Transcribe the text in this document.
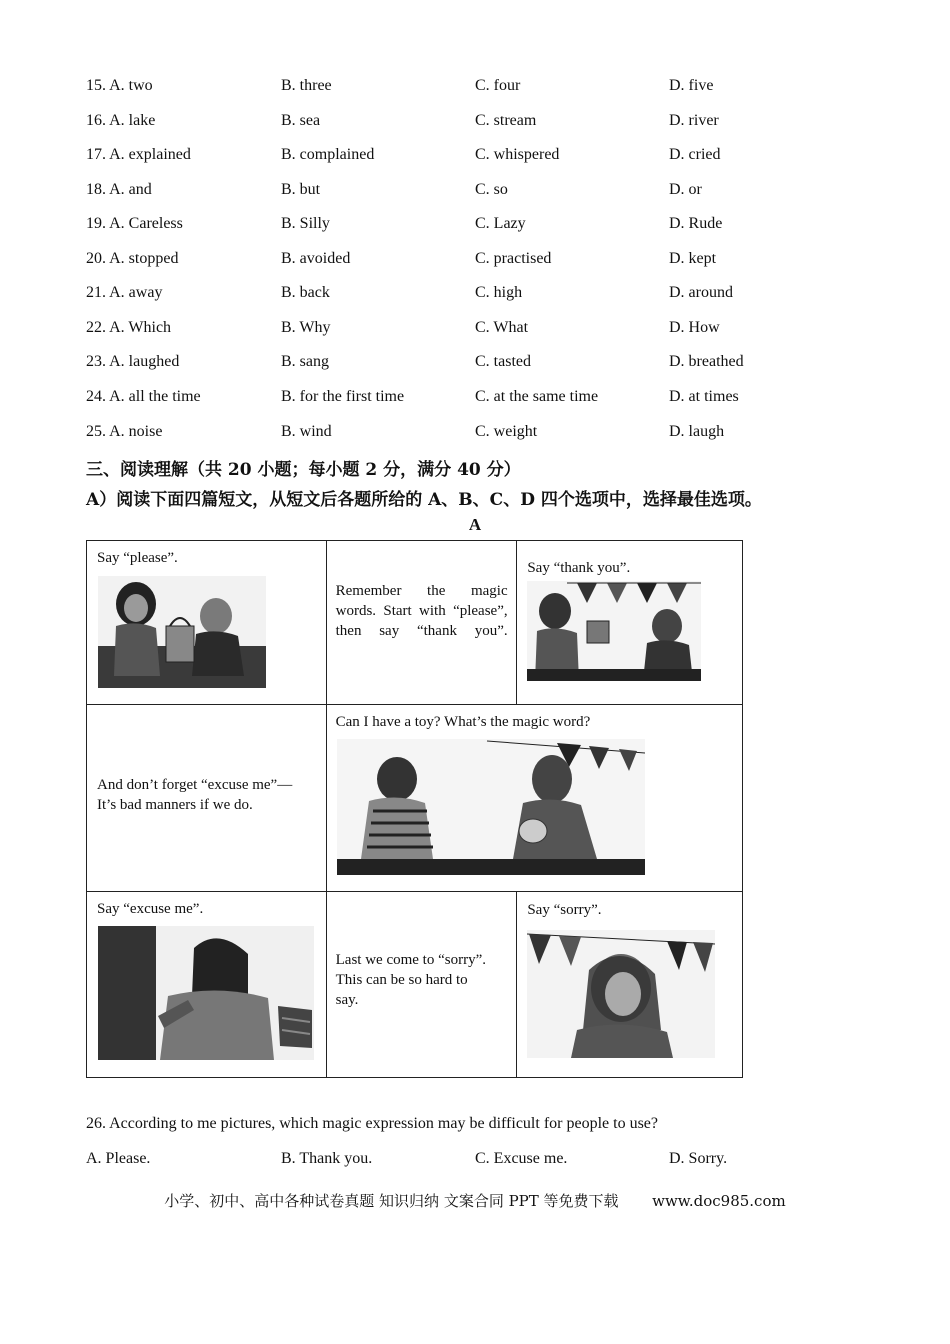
15. A. two	B. three	C. four	D. five
16. A. lake	B. sea	C. stream	D. river
17. A. explained	B. complained	C. whispered	D. cried
18. A. and	B. but	C. so	D. or
19. A. Careless	B. Silly	C. Lazy	D. Rude
20. A. stopped	B. avoided	C. practised	D. kept
21. A. away	B. back	C. high	D. around
22. A. Which	B. Why	C. What	D. How
23. A. laughed	B. sang	C. tasted	D. breathed
24. A. all the time	B. for the first time	C. at the same time	D. at times
25. A. noise	B. wind	C. weight	D. laugh
三、阅读理解（共 20 小题；每小题 2 分，满分 40 分）
A）阅读下面四篇短文，从短文后各题所给的 A、B、C、D 四个选项中，选择最佳选项。
A
Say “please”.	Remember the magic words. Start with “please”, then say “thank you”.	Say “thank you”.

And don’t forget “excuse me”—
It’s bad manners if we do.	Can I have a toy? What’s the magic word?	

Say “excuse me”.	Last we come to “sorry”.
This can be so hard to
say.	Say “sorry”.
26. According to me pictures, which magic expression may be difficult for people to use?
A. Please.	B. Thank you.	C. Excuse me.	D. Sorry.
小学、初中、高中各种试卷真题 知识归纳 文案合同 PPT 等免费下载 www.doc985.com
